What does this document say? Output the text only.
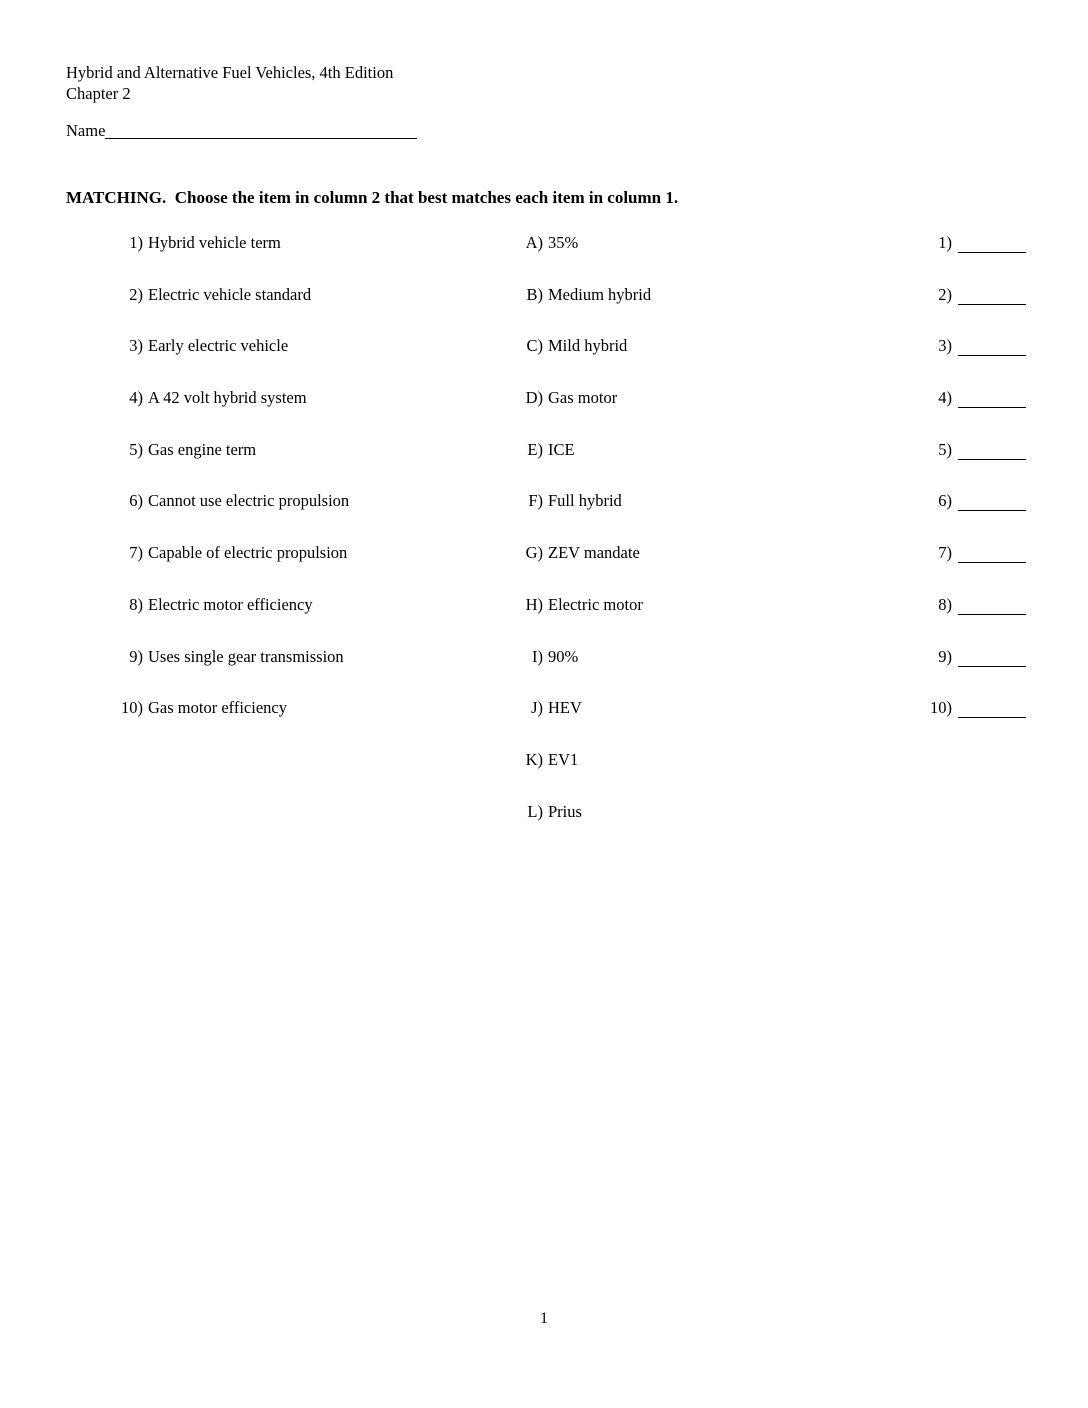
Hybrid and Alternative Fuel Vehicles, 4th Edition
Chapter 2
Name
MATCHING.  Choose the item in column 2 that best matches each item in column 1.
1) Hybrid vehicle term	A) 35%	1)
2) Electric vehicle standard	B) Medium hybrid	2)
3) Early electric vehicle	C) Mild hybrid	3)
4) A 42 volt hybrid system	D) Gas motor	4)
5) Gas engine term	E) ICE	5)
6) Cannot use electric propulsion	F) Full hybrid	6)
7) Capable of electric propulsion	G) ZEV mandate	7)
8) Electric motor efficiency	H) Electric motor	8)
9) Uses single gear transmission	I) 90%	9)
10) Gas motor efficiency	J) HEV	10)
K) EV1
L) Prius
1
